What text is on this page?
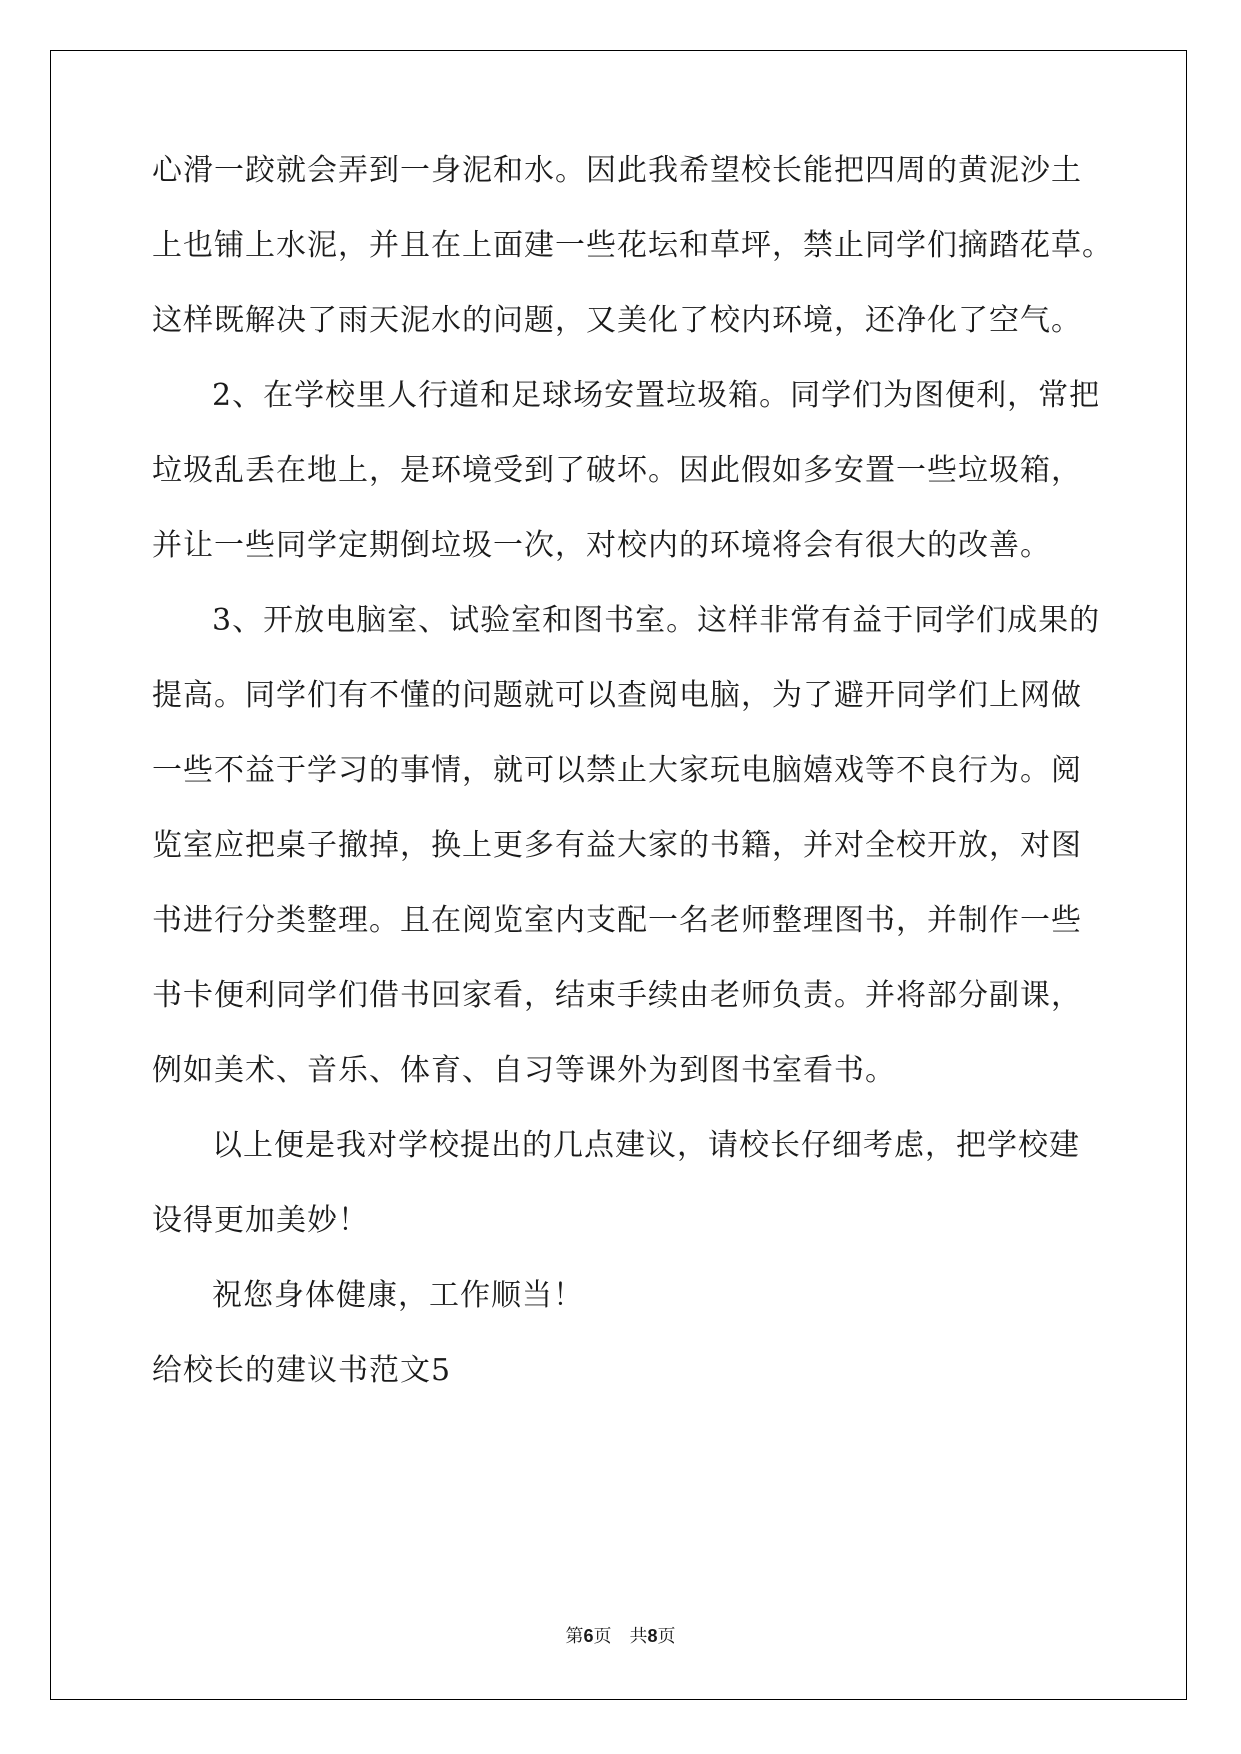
心滑一跤就会弄到一身泥和水。因此我希望校长能把四周的黄泥沙土

上也铺上水泥，并且在上面建一些花坛和草坪，禁止同学们摘踏花草。

这样既解决了雨天泥水的问题，又美化了校内环境，还净化了空气。

2、在学校里人行道和足球场安置垃圾箱。同学们为图便利，常把

垃圾乱丢在地上，是环境受到了破坏。因此假如多安置一些垃圾箱，

并让一些同学定期倒垃圾一次，对校内的环境将会有很大的改善。

3、开放电脑室、试验室和图书室。这样非常有益于同学们成果的

提高。同学们有不懂的问题就可以查阅电脑，为了避开同学们上网做

一些不益于学习的事情，就可以禁止大家玩电脑嬉戏等不良行为。阅

览室应把桌子撤掉，换上更多有益大家的书籍，并对全校开放，对图

书进行分类整理。且在阅览室内支配一名老师整理图书，并制作一些

书卡便利同学们借书回家看，结束手续由老师负责。并将部分副课，

例如美术、音乐、体育、自习等课外为到图书室看书。

以上便是我对学校提出的几点建议，请校长仔细考虑，把学校建

设得更加美妙！

祝您身体健康，工作顺当！

给校长的建议书范文5

第6页 共8页
